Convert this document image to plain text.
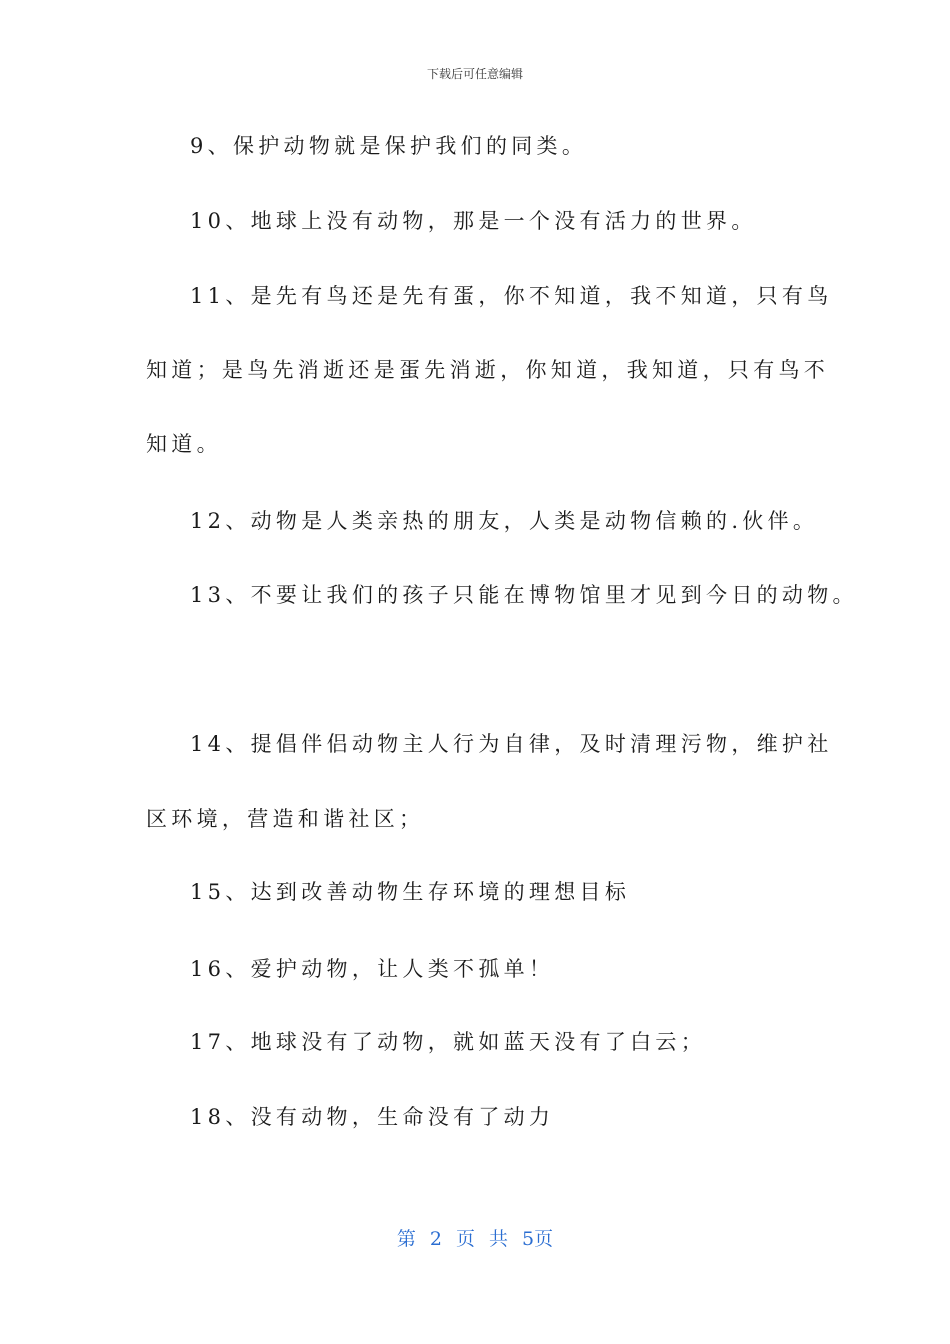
下载后可任意编辑
9、保护动物就是保护我们的同类。
10、地球上没有动物，那是一个没有活力的世界。
11、是先有鸟还是先有蛋，你不知道，我不知道，只有鸟
知道；是鸟先消逝还是蛋先消逝，你知道，我知道，只有鸟不
知道。
12、动物是人类亲热的朋友，人类是动物信赖的.伙伴。
13、不要让我们的孩子只能在博物馆里才见到今日的动物。
14、提倡伴侣动物主人行为自律，及时清理污物，维护社
区环境，营造和谐社区；
15、达到改善动物生存环境的理想目标
16、爱护动物，让人类不孤单！
17、地球没有了动物，就如蓝天没有了白云；
18、没有动物，生命没有了动力
第 2 页 共 5页
